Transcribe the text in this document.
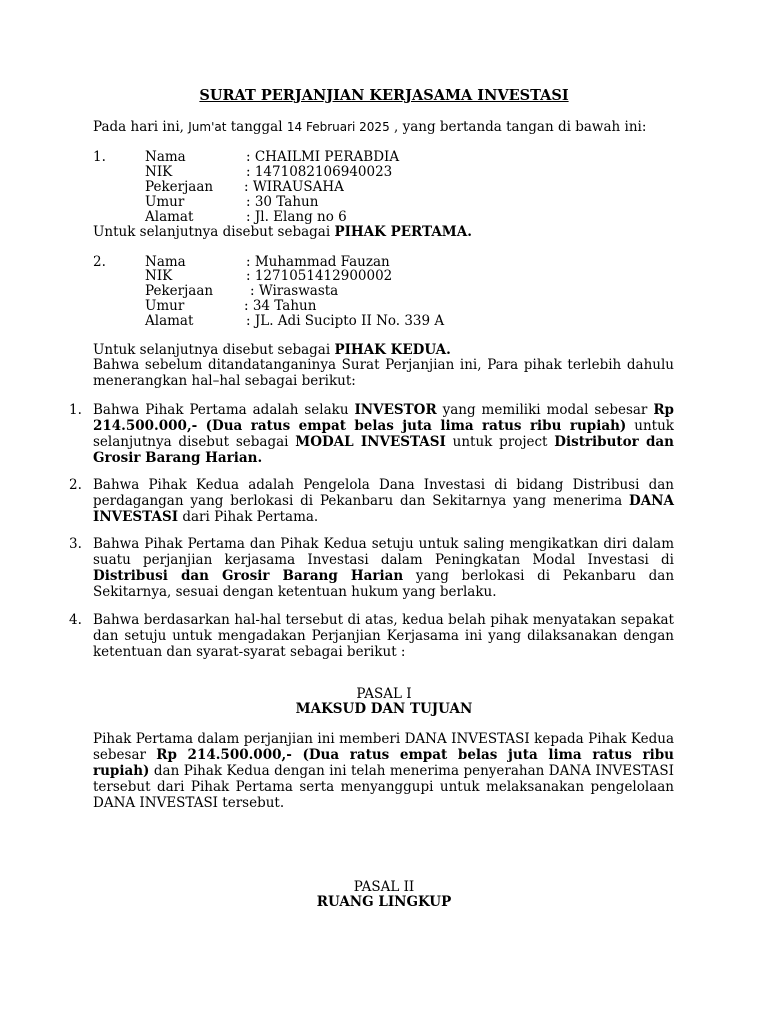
SURAT PERJANJIAN KERJASAMA INVESTASI
Pada hari ini, Jum'at tanggal 14 Februari 2025 , yang bertanda tangan di bawah ini:
1.	Nama	: CHAILMI PERABDIA
NIK	: 1471082106940023
Pekerjaan : WIRAUSAHA
Umur	: 30 Tahun
Alamat	: Jl. Elang no 6
Untuk selanjutnya disebut sebagai PIHAK PERTAMA.
2.	Nama	: Muhammad Fauzan
NIK	: 1271051412900002
Pekerjaan	: Wiraswasta
Umur	: 34 Tahun
Alamat	: JL. Adi Sucipto II No. 339 A
Untuk selanjutnya disebut sebagai PIHAK KEDUA.
Bahwa sebelum ditandatanganinya Surat Perjanjian ini, Para pihak terlebih dahulu menerangkan hal–hal sebagai berikut:
1. Bahwa Pihak Pertama adalah selaku INVESTOR yang memiliki modal sebesar Rp 214.500.000,- (Dua ratus empat belas juta lima ratus ribu rupiah) untuk selanjutnya disebut sebagai MODAL INVESTASI untuk project Distributor dan Grosir Barang Harian.
2. Bahwa Pihak Kedua adalah Pengelola Dana Investasi di bidang Distribusi dan perdagangan yang berlokasi di Pekanbaru dan Sekitarnya yang menerima DANA INVESTASI dari Pihak Pertama.
3. Bahwa Pihak Pertama dan Pihak Kedua setuju untuk saling mengikatkan diri dalam suatu perjanjian kerjasama Investasi dalam Peningkatan Modal Investasi di Distribusi dan Grosir Barang Harian yang berlokasi di Pekanbaru dan Sekitarnya, sesuai dengan ketentuan hukum yang berlaku.
4. Bahwa berdasarkan hal-hal tersebut di atas, kedua belah pihak menyatakan sepakat dan setuju untuk mengadakan Perjanjian Kerjasama ini yang dilaksanakan dengan ketentuan dan syarat-syarat sebagai berikut :
PASAL I
MAKSUD DAN TUJUAN
Pihak Pertama dalam perjanjian ini memberi DANA INVESTASI kepada Pihak Kedua sebesar Rp 214.500.000,- (Dua ratus empat belas juta lima ratus ribu rupiah) dan Pihak Kedua dengan ini telah menerima penyerahan DANA INVESTASI tersebut dari Pihak Pertama serta menyanggupi untuk melaksanakan pengelolaan DANA INVESTASI tersebut.
PASAL II
RUANG LINGKUP
